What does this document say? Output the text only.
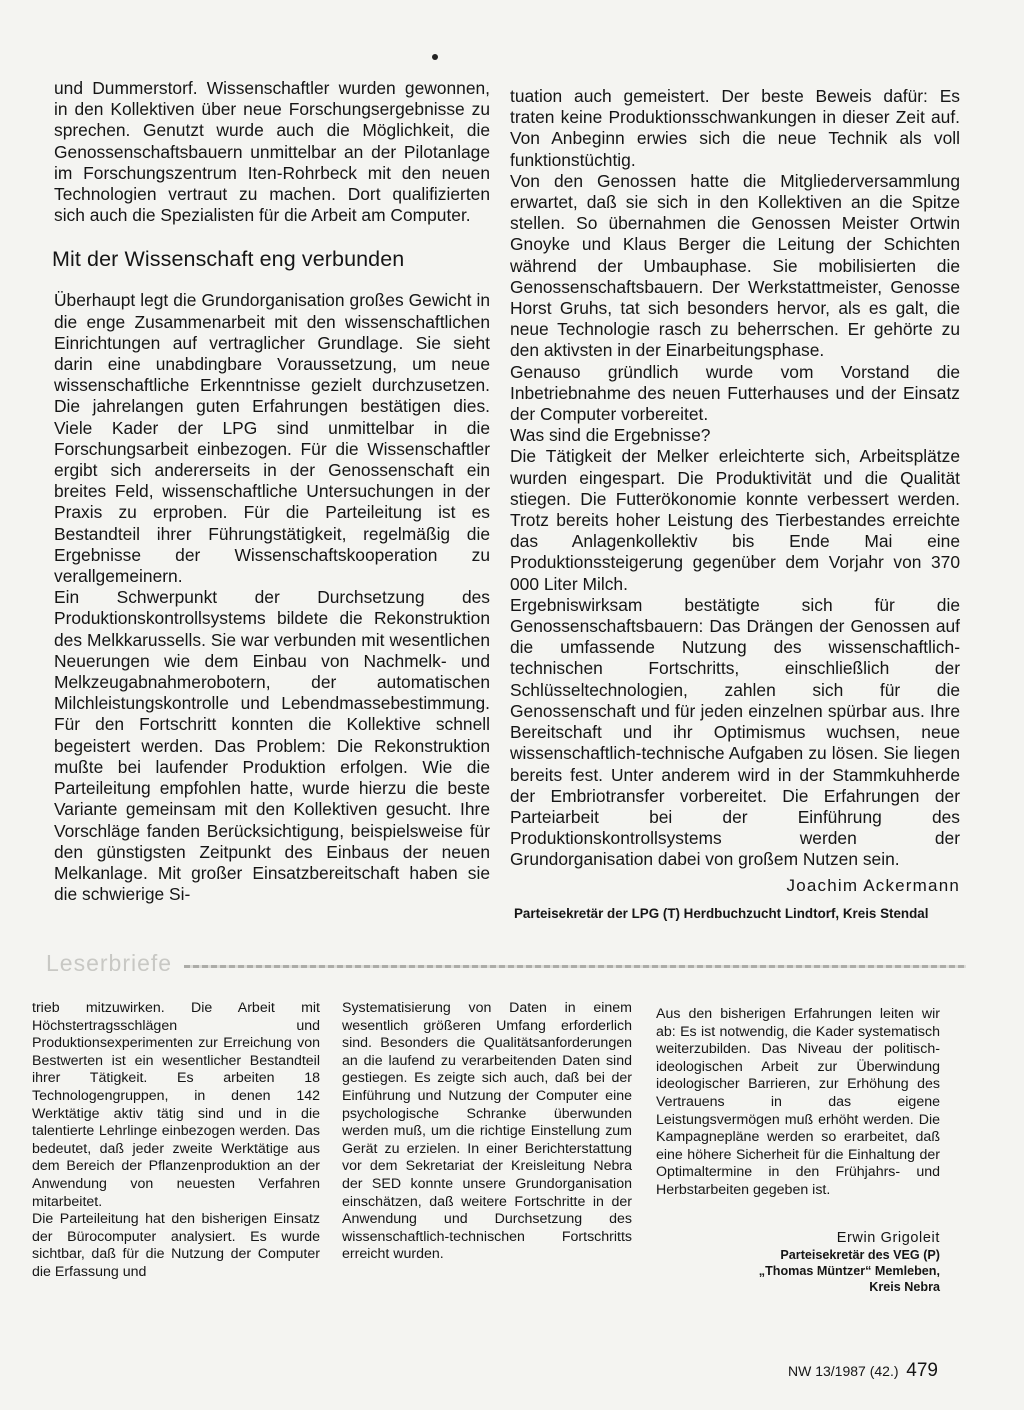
und Dummerstorf. Wissenschaftler wurden gewonnen, in den Kollektiven über neue Forschungsergebnisse zu sprechen. Genutzt wurde auch die Möglichkeit, die Genossenschaftsbauern unmittelbar an der Pilotanlage im Forschungszentrum Iten-Rohrbeck mit den neuen Technologien vertraut zu machen. Dort qualifizierten sich auch die Spezialisten für die Arbeit am Computer.

Mit der Wissenschaft eng verbunden

Überhaupt legt die Grundorganisation großes Gewicht in die enge Zusammenarbeit mit den wissenschaftlichen Einrichtungen auf vertraglicher Grundlage. Sie sieht darin eine unabdingbare Voraussetzung, um neue wissenschaftliche Erkenntnisse gezielt durchzusetzen. Die jahrelangen guten Erfahrungen bestätigen dies. Viele Kader der LPG sind unmittelbar in die Forschungsarbeit einbezogen. Für die Wissenschaftler ergibt sich andererseits in der Genossenschaft ein breites Feld, wissenschaftliche Untersuchungen in der Praxis zu erproben. Für die Parteileitung ist es Bestandteil ihrer Führungstätigkeit, regelmäßig die Ergebnisse der Wissenschaftskooperation zu verallgemeinern.

Ein Schwerpunkt der Durchsetzung des Produktionskontrollsystems bildete die Rekonstruktion des Melkkarussells. Sie war verbunden mit wesentlichen Neuerungen wie dem Einbau von Nachmelk- und Melkzeugabnahmerobotern, der automatischen Milchleistungskontrolle und Lebendmassebestimmung. Für den Fortschritt konnten die Kollektive schnell begeistert werden. Das Problem: Die Rekonstruktion mußte bei laufender Produktion erfolgen. Wie die Parteileitung empfohlen hatte, wurde hierzu die beste Variante gemeinsam mit den Kollektiven gesucht. Ihre Vorschläge fanden Berücksichtigung, beispielsweise für den günstigsten Zeitpunkt des Einbaus der neuen Melkanlage. Mit großer Einsatzbereitschaft haben sie die schwierige Si-

tuation auch gemeistert. Der beste Beweis dafür: Es traten keine Produktionsschwankungen in dieser Zeit auf. Von Anbeginn erwies sich die neue Technik als voll funktionstüchtig.

Von den Genossen hatte die Mitgliederversammlung erwartet, daß sie sich in den Kollektiven an die Spitze stellen. So übernahmen die Genossen Meister Ortwin Gnoyke und Klaus Berger die Leitung der Schichten während der Umbauphase. Sie mobilisierten die Genossenschaftsbauern. Der Werkstattmeister, Genosse Horst Gruhs, tat sich besonders hervor, als es galt, die neue Technologie rasch zu beherrschen. Er gehörte zu den aktivsten in der Einarbeitungsphase.

Genauso gründlich wurde vom Vorstand die Inbetriebnahme des neuen Futterhauses und der Einsatz der Computer vorbereitet.

Was sind die Ergebnisse?

Die Tätigkeit der Melker erleichterte sich, Arbeitsplätze wurden eingespart. Die Produktivität und die Qualität stiegen. Die Futterökonomie konnte verbessert werden. Trotz bereits hoher Leistung des Tierbestandes erreichte das Anlagenkollektiv bis Ende Mai eine Produktionssteigerung gegenüber dem Vorjahr von 370 000 Liter Milch.

Ergebniswirksam bestätigte sich für die Genossenschaftsbauern: Das Drängen der Genossen auf die umfassende Nutzung des wissenschaftlich-technischen Fortschritts, einschließlich der Schlüsseltechnologien, zahlen sich für die Genossenschaft und für jeden einzelnen spürbar aus. Ihre Bereitschaft und ihr Optimismus wuchsen, neue wissenschaftlich-technische Aufgaben zu lösen. Sie liegen bereits fest. Unter anderem wird in der Stammkuhherde der Embriotransfer vorbereitet. Die Erfahrungen der Parteiarbeit bei der Einführung des Produktionskontrollsystems werden der Grundorganisation dabei von großem Nutzen sein.

Joachim Ackermann
Parteisekretär der LPG (T) Herdbuchzucht Lindtorf, Kreis Stendal
Leserbriefe

trieb mitzuwirken. Die Arbeit mit Höchstertragsschlägen und Produktionsexperimenten zur Erreichung von Bestwerten ist ein wesentlicher Bestandteil ihrer Tätigkeit. Es arbeiten 18 Technologengruppen, in denen 142 Werktätige aktiv tätig sind und in die talentierte Lehrlinge einbezogen werden. Das bedeutet, daß jeder zweite Werktätige aus dem Bereich der Pflanzenproduktion an der Anwendung von neuesten Verfahren mitarbeitet.

Die Parteileitung hat den bisherigen Einsatz der Bürocomputer analysiert. Es wurde sichtbar, daß für die Nutzung der Computer die Erfassung und

Systematisierung von Daten in einem wesentlich größeren Umfang erforderlich sind. Besonders die Qualitätsanforderungen an die laufend zu verarbeitenden Daten sind gestiegen. Es zeigte sich auch, daß bei der Einführung und Nutzung der Computer eine psychologische Schranke überwunden werden muß, um die richtige Einstellung zum Gerät zu erzielen. In einer Berichterstattung vor dem Sekretariat der Kreisleitung Nebra der SED konnte unsere Grundorganisation einschätzen, daß weitere Fortschritte in der Anwendung und Durchsetzung des wissenschaftlich-technischen Fortschritts erreicht wurden.

Aus den bisherigen Erfahrungen leiten wir ab: Es ist notwendig, die Kader systematisch weiterzubilden. Das Niveau der politisch-ideologischen Arbeit zur Überwindung ideologischer Barrieren, zur Erhöhung des Vertrauens in das eigene Leistungsvermögen muß erhöht werden. Die Kampagnepläne werden so erarbeitet, daß eine höhere Sicherheit für die Einhaltung der Optimaltermine in den Frühjahrs- und Herbstarbeiten gegeben ist.

Erwin Grigoleit
Parteisekretär des VEG (P)
„Thomas Müntzer“ Memleben,
Kreis Nebra
NW 13/1987 (42.) 479
